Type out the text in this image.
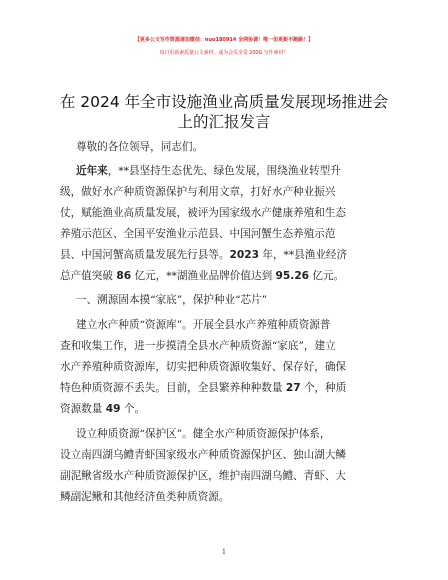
【更多公文写作资源请加微信：nuo180914 全网协调！唯一但更新不跑路！】
每日更新素质量公文素材，成为会员享受 200G 写作素材！
在 2024 年全市设施渔业高质量发展现场推进会
上的汇报发言
尊敬的各位领导，同志们。
近年来，**县坚持生态优先、绿色发展，围绕渔业转型升
级，做好水产种质资源保护与利用文章，打好水产种业振兴
仗，赋能渔业高质量发展，被评为国家级水产健康养殖和生态
养殖示范区、全国平安渔业示范县、中国河蟹生态养殖示范
县、中国河蟹高质量发展先行县等。2023 年，**县渔业经济
总产值突破 86 亿元，**湖渔业品牌价值达到 95.26 亿元。
一、溯源固本摸“家底”，保护种业“芯片”
建立水产种质“资源库”。开展全县水产养殖种质资源普
查和收集工作，进一步摸清全县水产种质资源“家底”，建立
水产养殖种质资源库，切实把种质资源收集好、保存好，确保
特色种质资源不丢失。目前，全县繁养种种数量 27 个，种质
资源数量 49 个。
设立种质资源“保护区”。健全水产种质资源保护体系，
设立南四湖乌鳢青虾国家级水产种质资源保护区、独山湖大鳞
副泥鳅省级水产种质资源保护区，维护南四湖乌鳢、青虾、大
鳞副泥鳅和其他经济鱼类种质资源。
1
